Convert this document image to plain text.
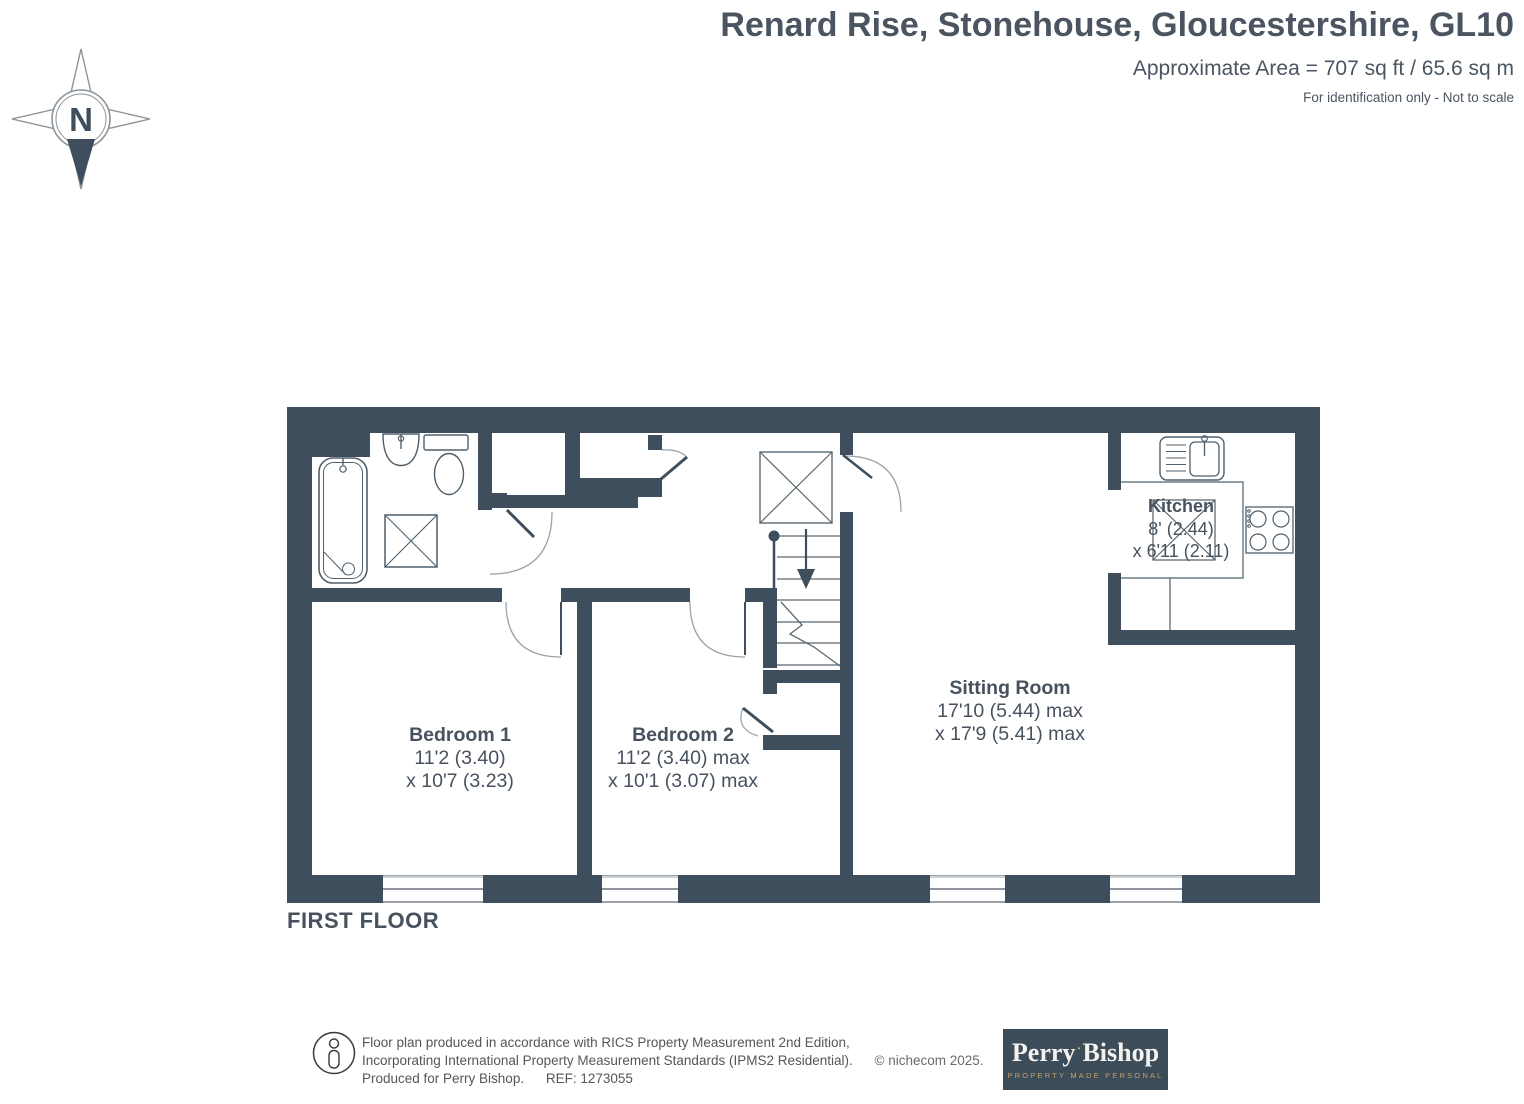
Renard Rise, Stonehouse, Gloucestershire, GL10
Approximate Area = 707 sq ft / 65.6 sq m
For identification only - Not to scale
N
Bedroom 1
11'2 (3.40)
x 10'7 (3.23)
Bedroom 2
11'2 (3.40) max
x 10'1 (3.07) max
Sitting Room
17'10 (5.44) max
x 17'9 (5.41) max
Kitchen
8' (2.44)
x 6'11 (2.11)
FIRST FLOOR
Floor plan produced in accordance with RICS Property Measurement 2nd Edition,
Incorporating International Property Measurement Standards (IPMS2 Residential). © nichecom 2025.
Produced for Perry Bishop. REF: 1273055
Perry·Bishop
PROPERTY MADE PERSONAL
